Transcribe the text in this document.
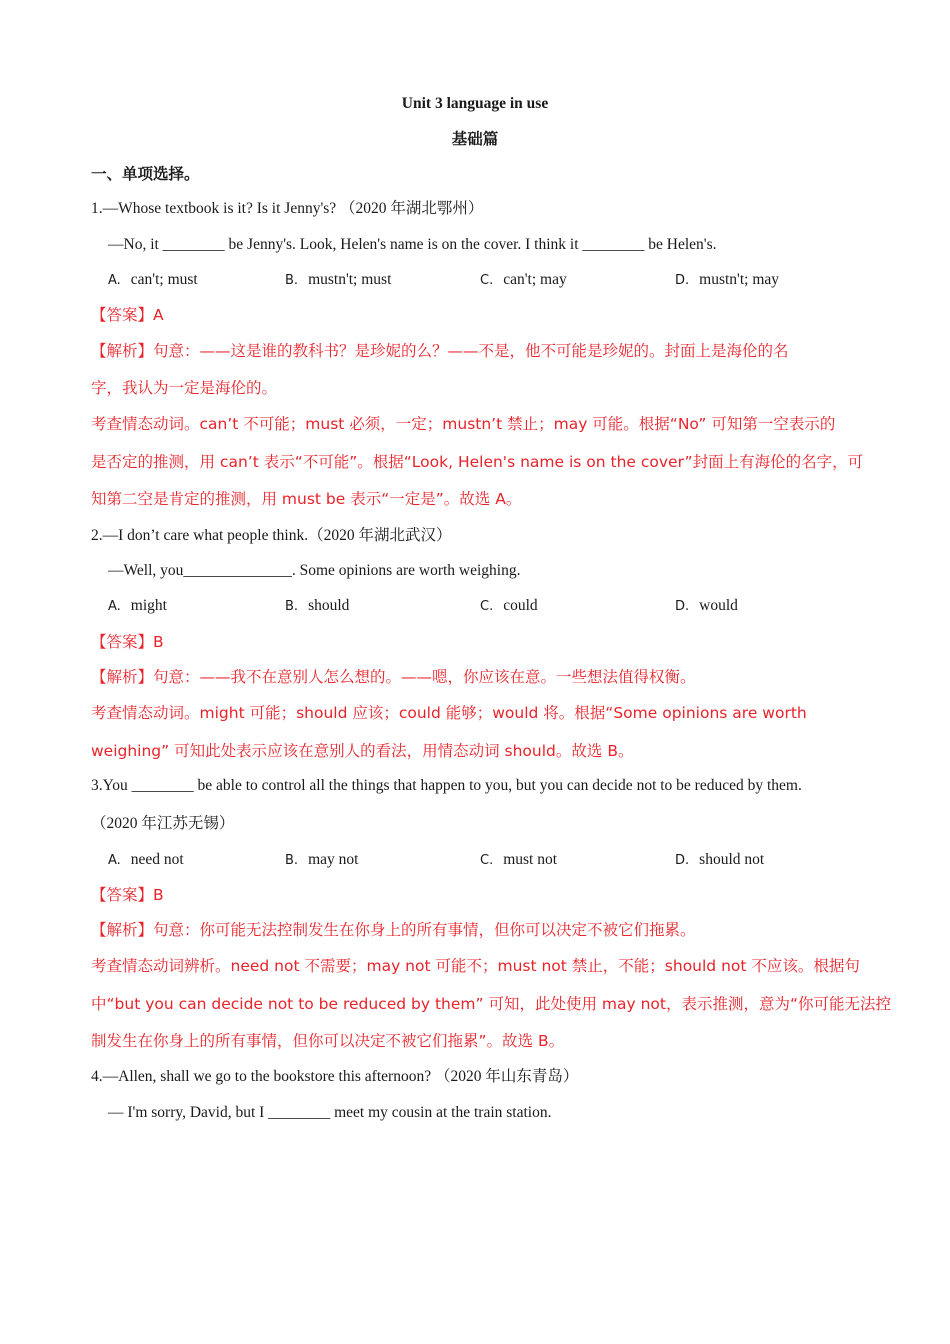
Unit 3 language in use
基础篇
一、单项选择。
1.—Whose textbook is it? Is it Jenny's? （2020 年湖北鄂州）
—No, it ________ be Jenny's. Look, Helen's name is on the cover. I think it ________ be Helen's.
A. can't; must	B. mustn't; must	C. can't; may	D. mustn't; may
【答案】A
【解析】句意：——这是谁的教科书？是珍妮的么？——不是，他不可能是珍妮的。封面上是海伦的名
字，我认为一定是海伦的。
考查情态动词。can’t 不可能；must 必须，一定；mustn’t 禁止；may 可能。根据“No” 可知第一空表示的
是否定的推测，用 can’t 表示“不可能”。根据“Look, Helen's name is on the cover”封面上有海伦的名字，可
知第二空是肯定的推测，用 must be 表示“一定是”。故选 A。
2.—I don’t care what people think.（2020 年湖北武汉）
—Well, you______________. Some opinions are worth weighing.
A. might	B. should	C. could	D. would
【答案】B
【解析】句意：——我不在意别人怎么想的。——嗯，你应该在意。一些想法值得权衡。
考查情态动词。might 可能；should 应该；could 能够；would 将。根据“Some opinions are worth
weighing” 可知此处表示应该在意别人的看法，用情态动词 should。故选 B。
3.You ________ be able to control all the things that happen to you, but you can decide not to be reduced by them.
（2020 年江苏无锡）
A. need not	B. may not	C. must not	D. should not
【答案】B
【解析】句意：你可能无法控制发生在你身上的所有事情，但你可以决定不被它们拖累。
考查情态动词辨析。need not 不需要；may not 可能不；must not 禁止，不能；should not 不应该。根据句
中“but you can decide not to be reduced by them” 可知，此处使用 may not，表示推测，意为“你可能无法控
制发生在你身上的所有事情，但你可以决定不被它们拖累”。故选 B。
4.—Allen, shall we go to the bookstore this afternoon? （2020 年山东青岛）
— I'm sorry, David, but I ________ meet my cousin at the train station.
